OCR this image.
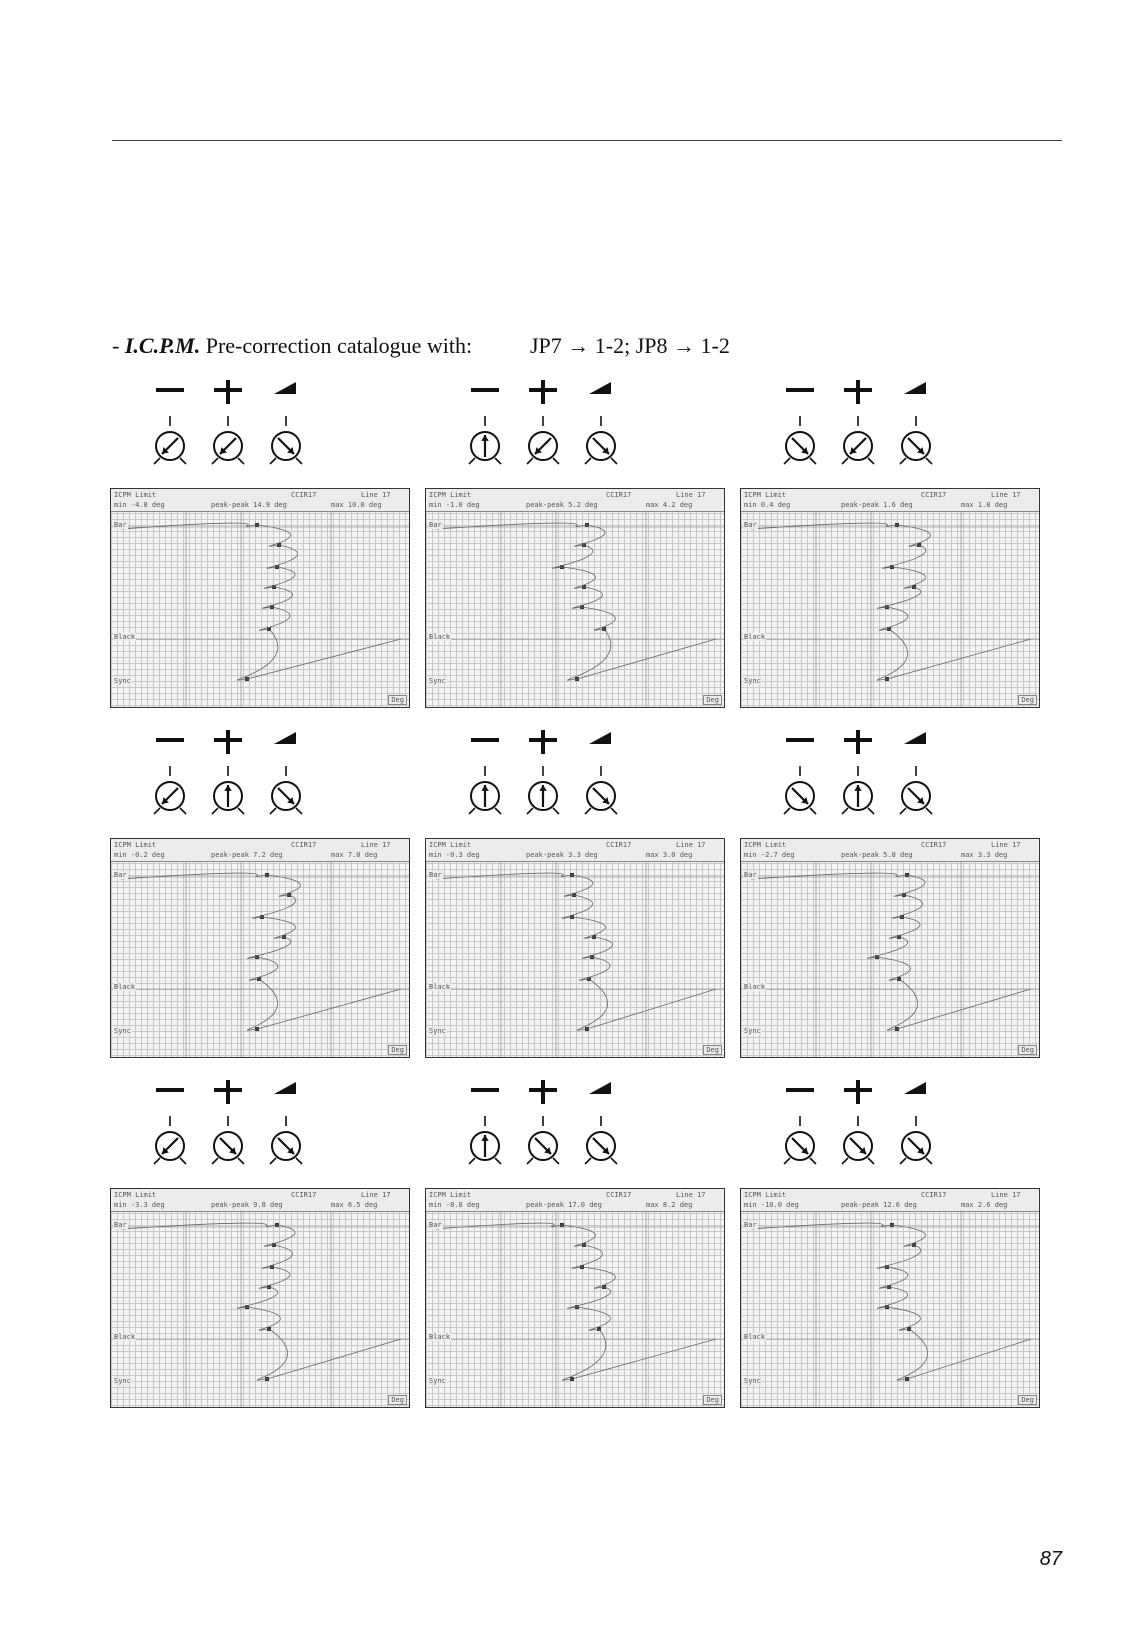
- I.C.P.M. Pre-correction catalogue with:	JP7 → 1-2; JP8 → 1-2
ICPM Limit	CCIR17	Line 17
min -4.8 deg	peak-peak 14.9 deg	max 10.0 deg
Bar
Black
Sync
Deg
ICPM Limit	CCIR17	Line 17
min -1.0 deg	peak-peak 5.2 deg	max 4.2 deg
Bar
Black
Sync
Deg
ICPM Limit	CCIR17	Line 17
min 0.4 deg	peak-peak 1.6 deg	max 1.8 deg
Bar
Black
Sync
Deg
ICPM Limit	CCIR17	Line 17
min -0.2 deg	peak-peak 7.2 deg	max 7.0 deg
Bar
Black
Sync
Deg
ICPM Limit	CCIR17	Line 17
min -0.3 deg	peak-peak 3.3 deg	max 3.0 deg
Bar
Black
Sync
Deg
ICPM Limit	CCIR17	Line 17
min -2.7 deg	peak-peak 5.8 deg	max 3.3 deg
Bar
Black
Sync
Deg
ICPM Limit	CCIR17	Line 17
min -3.3 deg	peak-peak 9.8 deg	max 6.5 deg
Bar
Black
Sync
Deg
ICPM Limit	CCIR17	Line 17
min -8.8 deg	peak-peak 17.0 deg	max 8.2 deg
Bar
Black
Sync
Deg
ICPM Limit	CCIR17	Line 17
min -10.0 deg	peak-peak 12.6 deg	max 2.6 deg
Bar
Black
Sync
Deg
87
